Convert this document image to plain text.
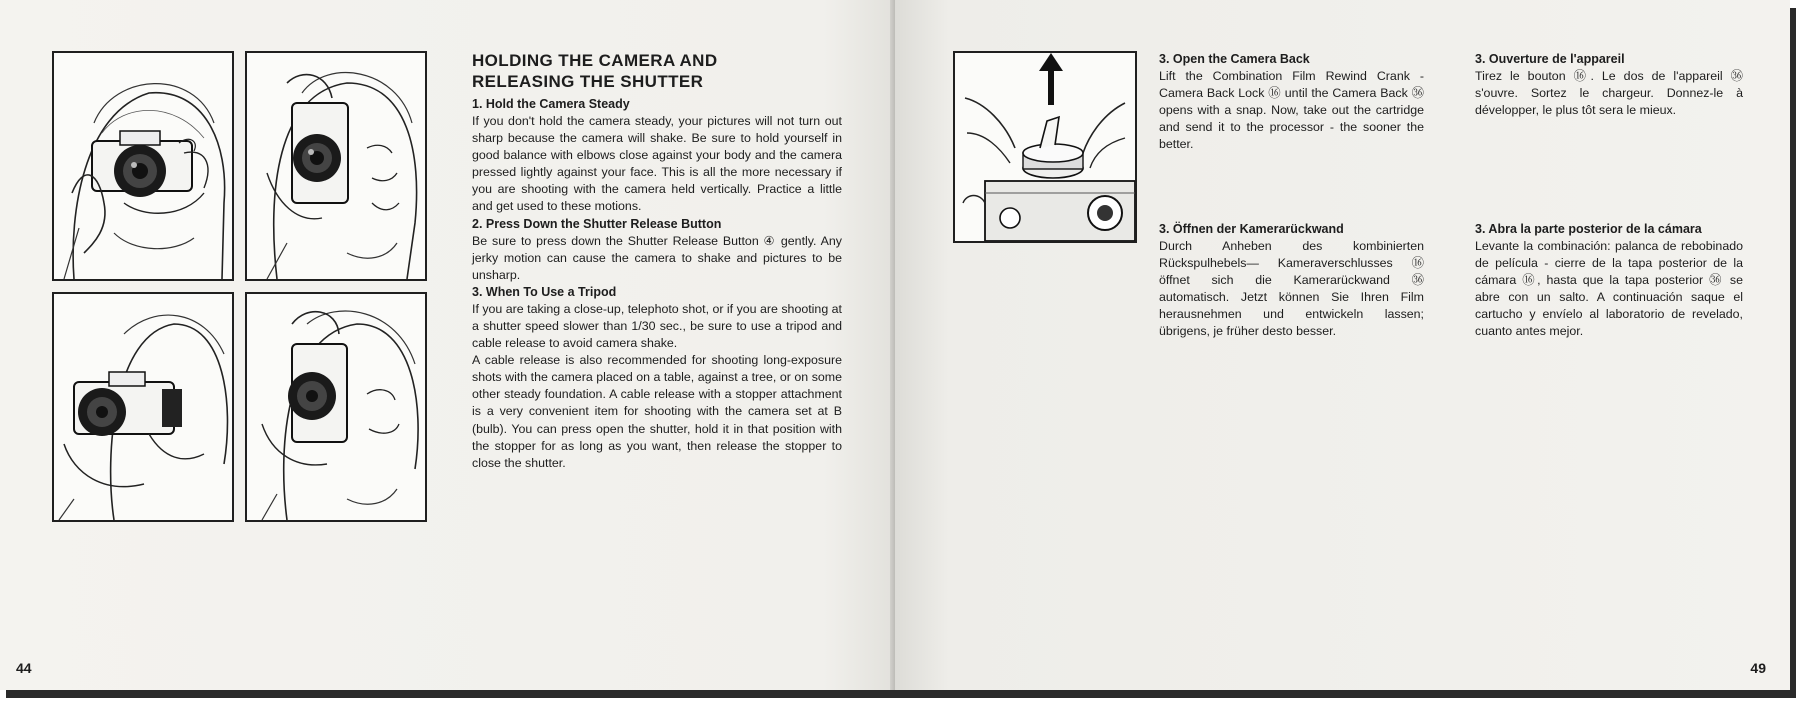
HOLDING THE CAMERA AND RELEASING THE SHUTTER

1. Hold the Camera Steady

If you don't hold the camera steady, your pictures will not turn out sharp because the camera will shake. Be sure to hold yourself in good balance with elbows close against your body and the camera pressed lightly against your face. This is all the more necessary if you are shooting with the camera held vertically. Practice a little and get used to these motions.

2. Press Down the Shutter Release Button

Be sure to press down the Shutter Release Button ④ gently. Any jerky motion can cause the camera to shake and pictures to be unsharp.

3. When To Use a Tripod

If you are taking a close-up, telephoto shot, or if you are shooting at a shutter speed slower than 1/30 sec., be sure to use a tripod and cable release to avoid camera shake.

A cable release is also recommended for shooting long-exposure shots with the camera placed on a table, against a tree, or on some other steady foundation. A cable release with a stopper attachment is a very convenient item for shooting with the camera set at B (bulb). You can press open the shutter, hold it in that position with the stopper for as long as you want, then release the stopper to close the shutter.

44

3. Open the Camera Back

Lift the Combination Film Rewind Crank - Camera Back Lock ⑯ until the Camera Back ㊱ opens with a snap. Now, take out the cartridge and send it to the processor - the sooner the better.

3. Ouverture de l'appareil

Tirez le bouton ⑯. Le dos de l'appareil ㊱ s'ouvre. Sortez le chargeur. Donnez-le à développer, le plus tôt sera le mieux.

3. Öffnen der Kamerarückwand

Durch Anheben des kombinierten Rückspulhebels— Kameraverschlusses ⑯ öffnet sich die Kamerarückwand ㊱ automatisch. Jetzt können Sie Ihren Film herausnehmen und entwickeln lassen; übrigens, je früher desto besser.

3. Abra la parte posterior de la cámara

Levante la combinación: palanca de rebobinado de película - cierre de la tapa posterior de la cámara ⑯, hasta que la tapa posterior ㊱ se abre con un salto. A continuación saque el cartucho y envíelo al laboratorio de revelado, cuanto antes mejor.

49
